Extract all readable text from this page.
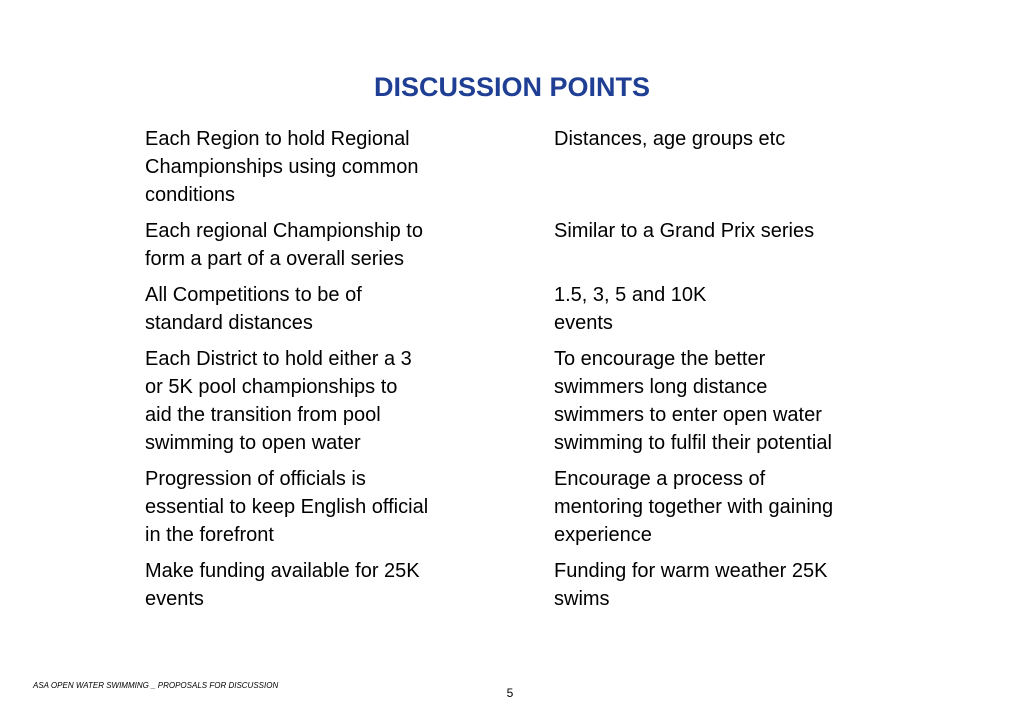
DISCUSSION POINTS
Each Region to hold Regional
Championships using common
conditions
Distances, age groups etc
Each regional Championship to
form a part of a overall series
Similar to a Grand Prix series
All Competitions to be of
standard distances
1.5, 3, 5 and 10K
events
Each District to hold either a 3
or 5K pool championships to
aid the transition from pool
swimming to open water
To encourage the better
swimmers long distance
swimmers to enter open water
swimming to fulfil their potential
Progression of officials is
essential to keep English official
in the forefront
Encourage a process of
mentoring together with gaining
experience
Make funding available for 25K
events
Funding for warm weather 25K
swims
ASA OPEN WATER SWIMMING _ PROPOSALS FOR DISCUSSION
5
